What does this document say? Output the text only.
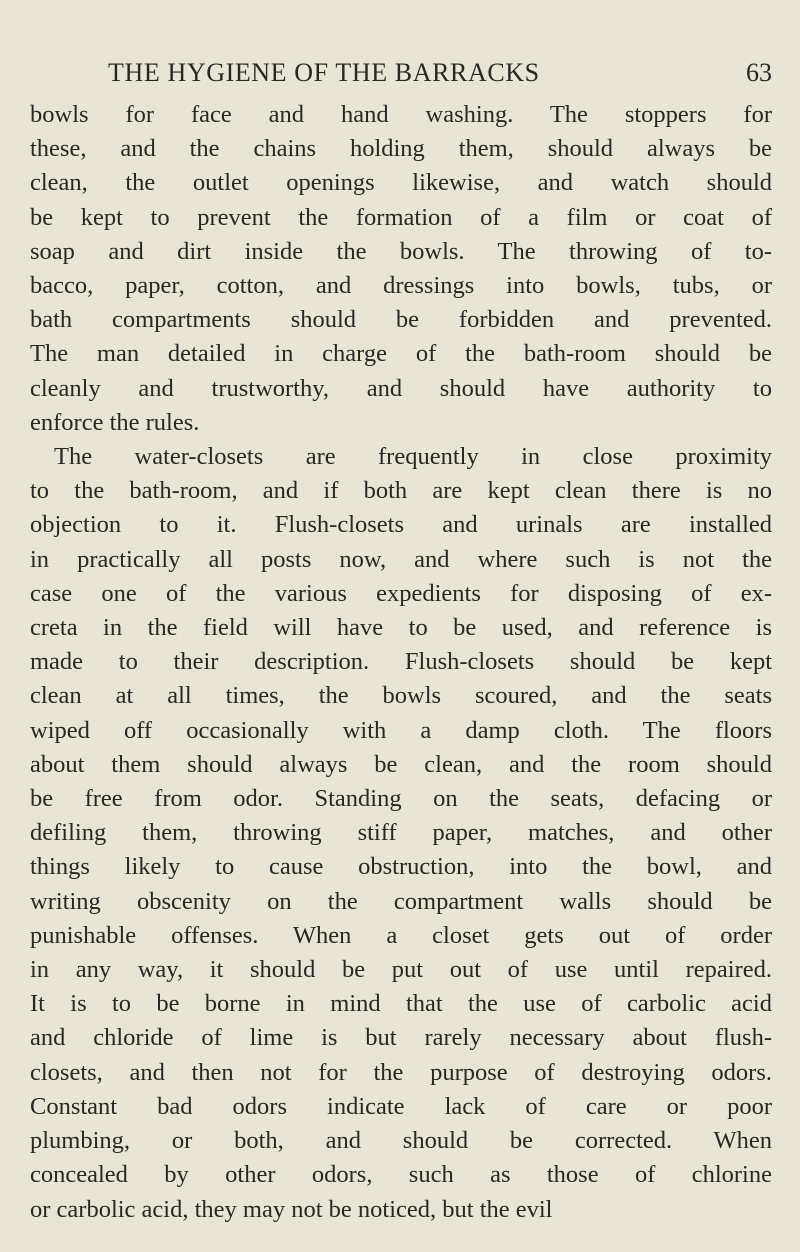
THE HYGIENE OF THE BARRACKS	63

bowls for face and hand washing. The stoppers for
these, and the chains holding them, should always be
clean, the outlet openings likewise, and watch should
be kept to prevent the formation of a film or coat of
soap and dirt inside the bowls. The throwing of to-
bacco, paper, cotton, and dressings into bowls, tubs, or
bath compartments should be forbidden and prevented.
The man detailed in charge of the bath-room should be
cleanly and trustworthy, and should have authority to
enforce the rules.

The water-closets are frequently in close proximity
to the bath-room, and if both are kept clean there is no
objection to it. Flush-closets and urinals are installed
in practically all posts now, and where such is not the
case one of the various expedients for disposing of ex-
creta in the field will have to be used, and reference is
made to their description. Flush-closets should be kept
clean at all times, the bowls scoured, and the seats
wiped off occasionally with a damp cloth. The floors
about them should always be clean, and the room should
be free from odor. Standing on the seats, defacing or
defiling them, throwing stiff paper, matches, and other
things likely to cause obstruction, into the bowl, and
writing obscenity on the compartment walls should be
punishable offenses. When a closet gets out of order
in any way, it should be put out of use until repaired.
It is to be borne in mind that the use of carbolic acid
and chloride of lime is but rarely necessary about flush-
closets, and then not for the purpose of destroying odors.
Constant bad odors indicate lack of care or poor
plumbing, or both, and should be corrected. When
concealed by other odors, such as those of chlorine
or carbolic acid, they may not be noticed, but the evil
